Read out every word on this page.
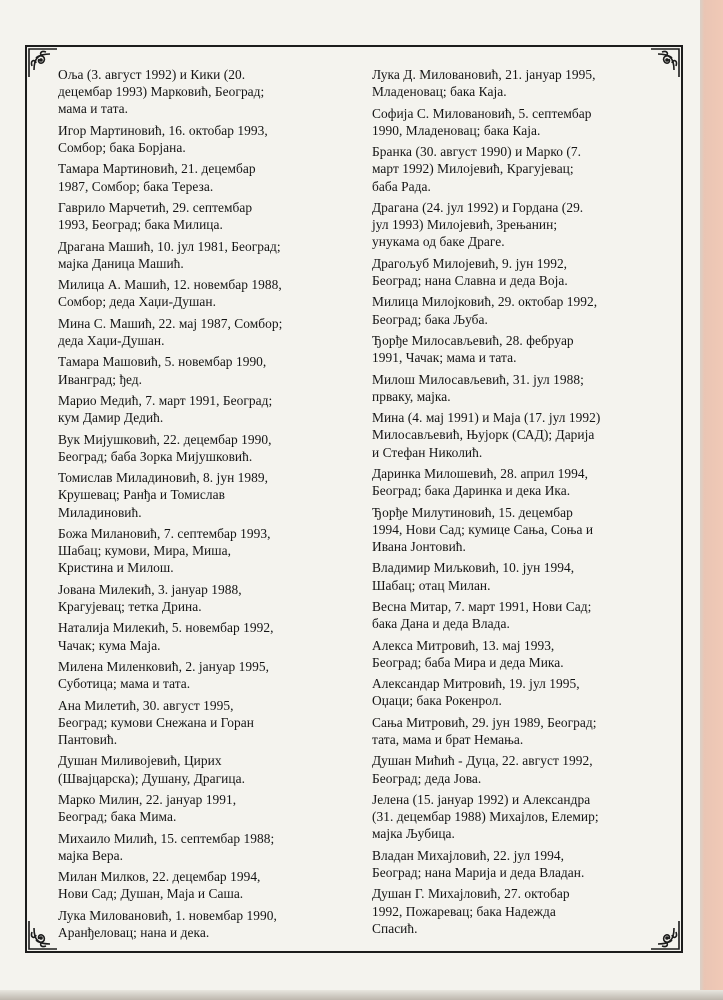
Оља (3. август 1992) и Кики (20.
децембар 1993) Марковић, Београд;
мама и тата.
Игор Мартиновић, 16. октобар 1993,
Сомбор; бака Борјана.
Тамара Мартиновић, 21. децембар
1987, Сомбор; бака Тереза.
Гаврило Марчетић, 29. септембар
1993, Београд; бака Милица.
Драгана Машић, 10. јул 1981, Београд;
мајка Даница Машић.
Милица А. Машић, 12. новембар 1988,
Сомбор; деда Хаџи-Душан.
Мина С. Машић, 22. мај 1987, Сомбор;
деда Хаџи-Душан.
Тамара Машовић, 5. новембар 1990,
Иванград; ђед.
Марио Медић, 7. март 1991, Београд;
кум Дамир Дедић.
Вук Мијушковић, 22. децембар 1990,
Београд; баба Зорка Мијушковић.
Томислав Миладиновић, 8. јун 1989,
Крушевац; Ранђа и Томислав
Миладиновић.
Божа Милановић, 7. септембар 1993,
Шабац; кумови, Мира, Миша,
Кристина и Милош.
Јована Милекић, 3. јануар 1988,
Крагујевац; тетка Дрина.
Наталија Милекић, 5. новембар 1992,
Чачак; кума Маја.
Милена Миленковић, 2. јануар 1995,
Суботица; мама и тата.
Ана Милетић, 30. август 1995,
Београд; кумови Снежана и Горан
Пантовић.
Душан Миливојевић, Цирих
(Швајцарска); Душану, Драгица.
Марко Милин, 22. јануар 1991,
Београд; бака Мима.
Михаило Милић, 15. септембар 1988;
мајка Вера.
Милан Милков, 22. децембар 1994,
Нови Сад; Душан, Маја и Саша.
Лука Миловановић, 1. новембар 1990,
Аранђеловац; нана и дека.
Лука Д. Миловановић, 21. јануар 1995,
Младеновац; бака Каја.
Софија С. Миловановић, 5. септембар
1990, Младеновац; бака Каја.
Бранка (30. август 1990) и Марко (7.
март 1992) Милојевић, Крагујевац;
баба Рада.
Драгана (24. јул 1992) и Гордана (29.
јул 1993) Милојевић, Зрењанин;
унукама од баке Драге.
Драгољуб Милојевић, 9. јун 1992,
Београд; нана Славна и деда Воја.
Милица Милојковић, 29. октобар 1992,
Београд; бака Љуба.
Ђорђе Милосављевић, 28. фебруар
1991, Чачак; мама и тата.
Милош Милосављевић, 31. јул 1988;
прваку, мајка.
Мина (4. мај 1991) и Маја (17. јул 1992)
Милосављевић, Њујорк (САД); Дарија
и Стефан Николић.
Даринка Милошевић, 28. април 1994,
Београд; бака Даринка и дека Ика.
Ђорђе Милутиновић, 15. децембар
1994, Нови Сад; кумице Сања, Соња и
Ивана Јонтовић.
Владимир Миљковић, 10. јун 1994,
Шабац; отац Милан.
Весна Митар, 7. март 1991, Нови Сад;
бака Дана и деда Влада.
Алекса Митровић, 13. мај 1993,
Београд; баба Мира и деда Мика.
Александар Митровић, 19. јул 1995,
Оџаци; бака Рокенрол.
Сања Митровић, 29. јун 1989, Београд;
тата, мама и брат Немања.
Душан Мићић - Дуца, 22. август 1992,
Београд; деда Јова.
Јелена (15. јануар 1992) и Александра
(31. децембар 1988) Михајлов, Елемир;
мајка Љубица.
Владан Михајловић, 22. јул 1994,
Београд; нана Марија и деда Владан.
Душан Г. Михајловић, 27. октобар
1992, Пожаревац; бака Надежда
Спасић.
